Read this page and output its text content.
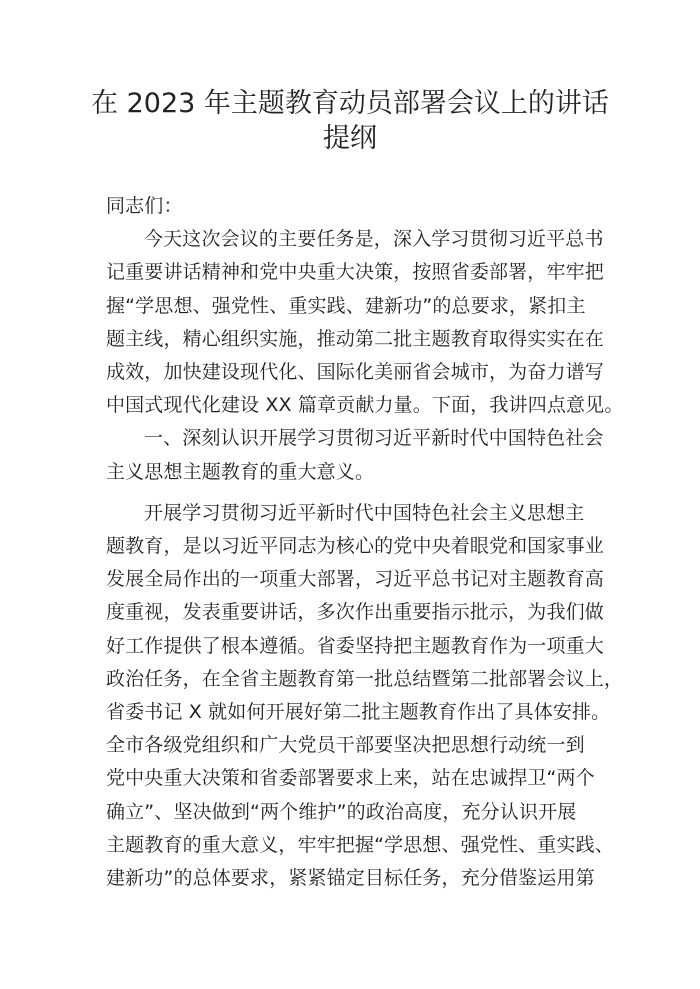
在 2023 年主题教育动员部署会议上的讲话
提纲
同志们：
今天这次会议的主要任务是，深入学习贯彻习近平总书
记重要讲话精神和党中央重大决策，按照省委部署，牢牢把
握“学思想、强党性、重实践、建新功”的总要求，紧扣主
题主线，精心组织实施，推动第二批主题教育取得实实在在
成效，加快建设现代化、国际化美丽省会城市，为奋力谱写
中国式现代化建设 XX 篇章贡献力量。下面，我讲四点意见。
一、深刻认识开展学习贯彻习近平新时代中国特色社会
主义思想主题教育的重大意义。
开展学习贯彻习近平新时代中国特色社会主义思想主
题教育，是以习近平同志为核心的党中央着眼党和国家事业
发展全局作出的一项重大部署，习近平总书记对主题教育高
度重视，发表重要讲话，多次作出重要指示批示，为我们做
好工作提供了根本遵循。省委坚持把主题教育作为一项重大
政治任务，在全省主题教育第一批总结暨第二批部署会议上，
省委书记 X 就如何开展好第二批主题教育作出了具体安排。
全市各级党组织和广大党员干部要坚决把思想行动统一到
党中央重大决策和省委部署要求上来，站在忠诚捍卫“两个
确立”、坚决做到“两个维护”的政治高度，充分认识开展
主题教育的重大意义，牢牢把握“学思想、强党性、重实践、
建新功”的总体要求，紧紧锚定目标任务，充分借鉴运用第
